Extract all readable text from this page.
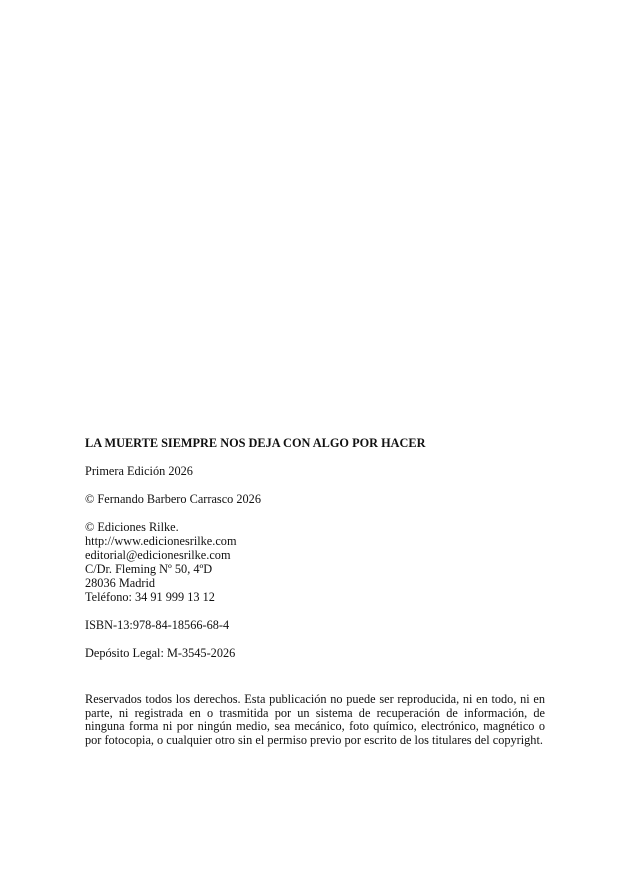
LA MUERTE SIEMPRE NOS DEJA CON ALGO POR HACER

Primera Edición 2026

© Fernando Barbero Carrasco 2026

© Ediciones Rilke.
http://www.edicionesrilke.com
editorial@edicionesrilke.com
C/Dr. Fleming Nº 50, 4ºD
28036 Madrid
Teléfono: 34 91 999 13 12

ISBN-13:978-84-18566-68-4

Depósito Legal: M-3545-2026

Reservados todos los derechos. Esta publicación no puede ser reproducida, ni en todo, ni en parte, ni registrada en o trasmitida por un sistema de recuperación de información, de ninguna forma ni por ningún medio, sea mecánico, foto químico, electrónico, magnético o por fotocopia, o cualquier otro sin el permiso previo por escrito de los titulares del copyright.
